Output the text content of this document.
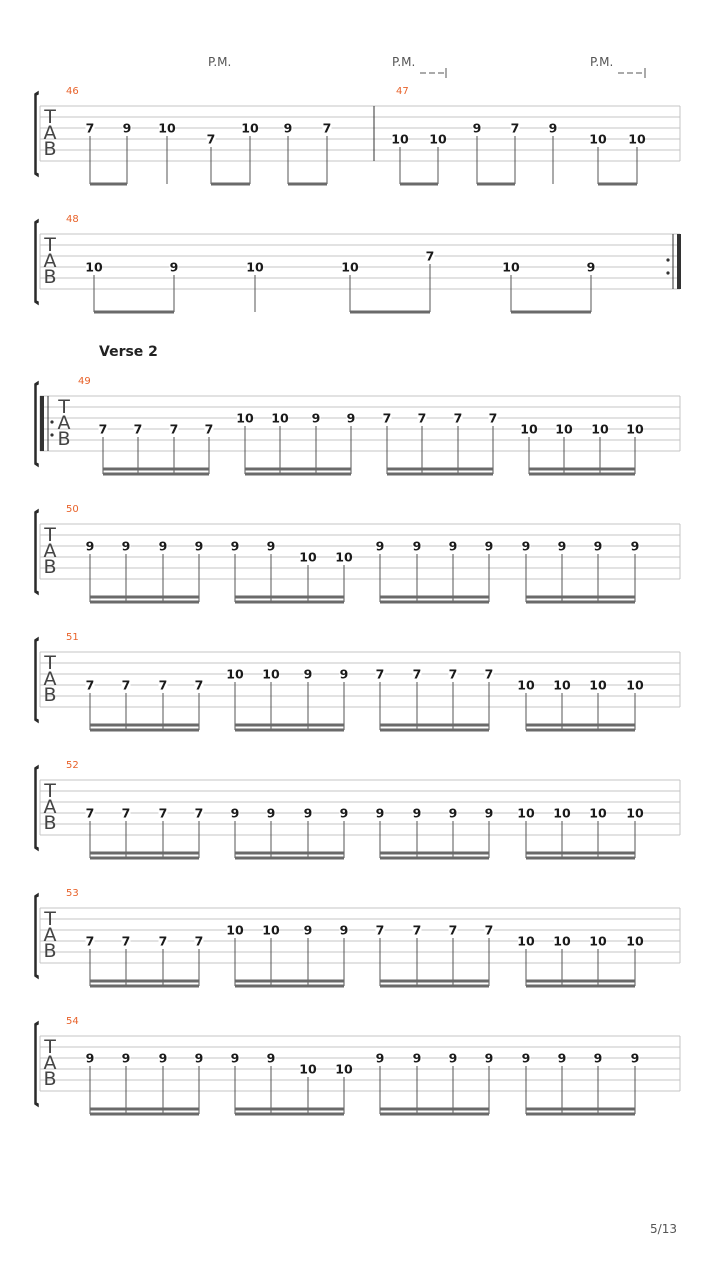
T
A
B
46
7 9 10
7
10 9 7
P.M.
47
10 10
9 7 9
10 10
P.M.	P.M.
T
A
B
48
10	9	10	10
7
10	9
T
A
B
49
7 7 7 7
10 10 9 9 7 7 7 7
10 10 10 10
T
A
B
50
9 9 9 9 9 9
10 10
9 9 9 9 9 9 9 9
T
A
B
51
7 7 7 7
10 10 9 9 7 7 7 7
10 10 10 10
T
A
B
52
7 7 7 7 9 9 9 9 9 9 9 9 10 10 10 10
T
A
B
53
7 7 7 7
10 10 9 9 7 7 7 7
10 10 10 10
T
A
B
54
9 9 9 9 9 9
10 10
9 9 9 9 9 9 9 9
Verse 2
5/13
